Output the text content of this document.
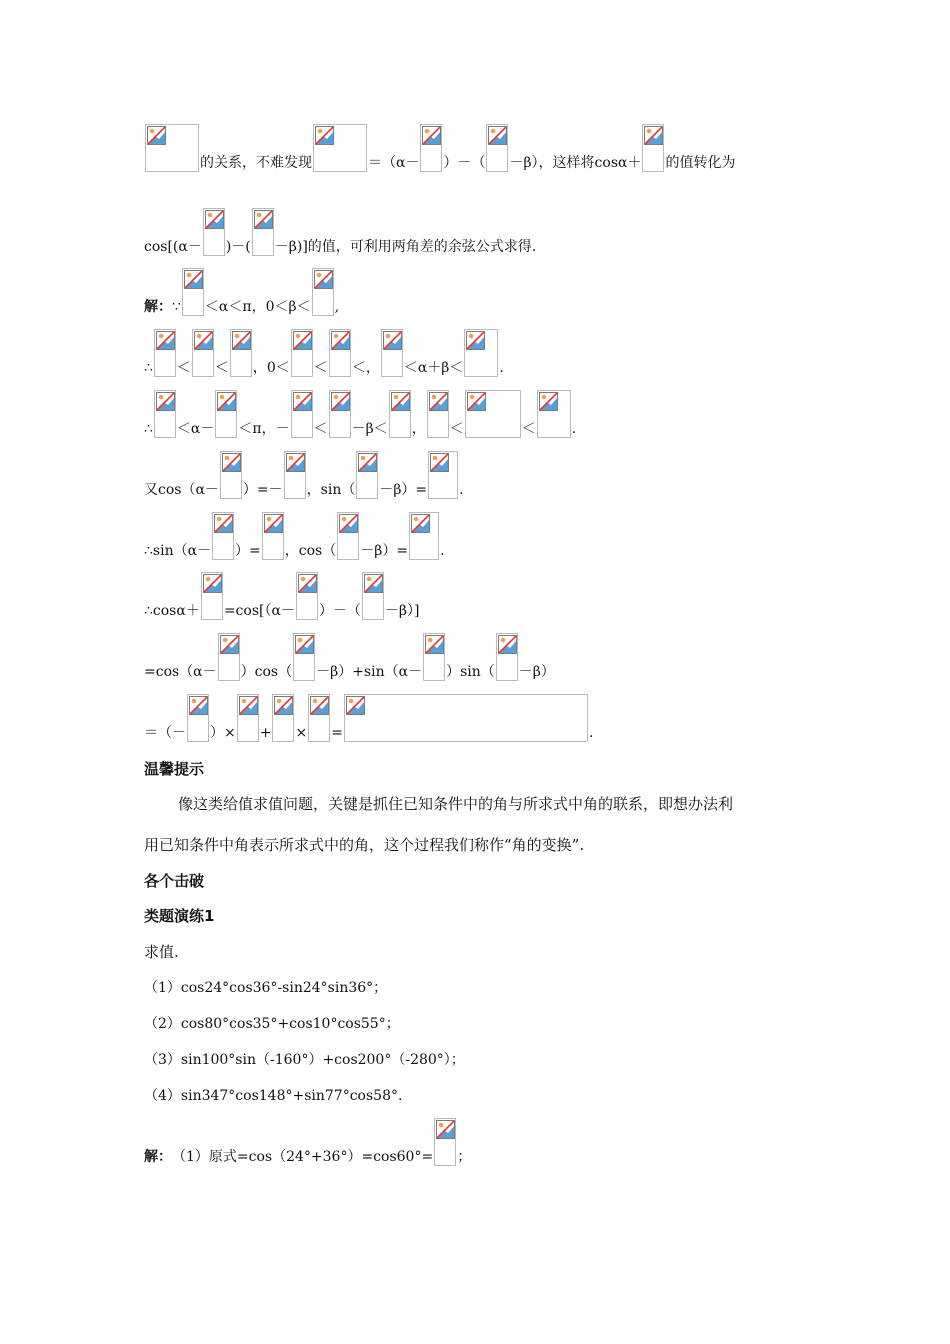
的关系，不难发现	＝（α－ ）－（ －β），这样将cosα＋ 的值转化为
cos[(α－ )－( －β)]的值，可利用两角差的余弦公式求得.
解： ∵ ＜α＜π，0＜β＜ ,
∴ ＜ ＜ ，0＜ ＜ ＜， ＜α＋β＜	.
∴ ＜α－ ＜π，－ ＜ －β＜ ， ＜	＜	.
又cos（α－ ）=－ ，sin（ －β）= .
∴sin（α－ ）= ，cos（ －β）= .
∴cosα＋ =cos[（α－ ）－（ －β）]
=cos（α－ ）cos（ －β）+sin（α－ ）sin（ －β）
＝（－ ）× + × =	.
温馨提示
像这类给值求值问题，关键是抓住已知条件中的角与所求式中角的联系，即想办法利
用已知条件中角表示所求式中的角，这个过程我们称作“角的变换”.
各个击破
类题演练1
求值.
（1）cos24°cos36°-sin24°sin36°；
（2）cos80°cos35°+cos10°cos55°；
（3）sin100°sin（-160°）+cos200°（-280°）；
（4）sin347°cos148°+sin77°cos58°.
解： （1）原式=cos（24°+36°）=cos60°= ；
